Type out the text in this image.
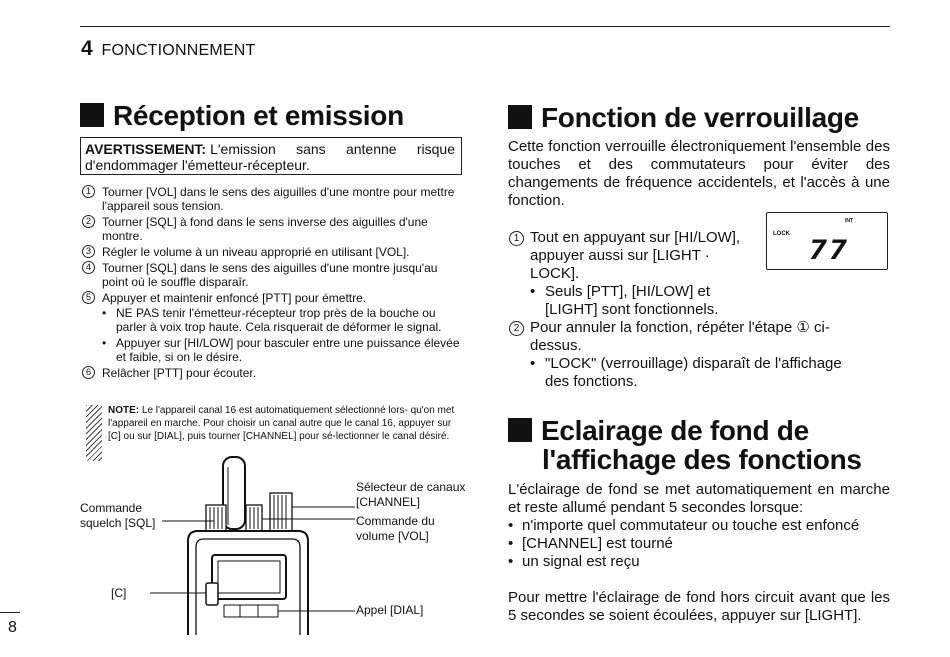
4 FONCTIONNEMENT
Réception et emission
AVERTISSEMENT: L'emission sans antenne risque d'endommager l'émetteur-récepteur.
1 Tourner [VOL] dans le sens des aiguilles d'une montre pour mettre l'appareil sous tension.
2 Tourner [SQL] à fond dans le sens inverse des aiguilles d'une montre.
3 Régler le volume à un niveau approprié en utilisant [VOL].
4 Tourner [SQL] dans le sens des aiguilles d'une montre jusqu'au point où le souffle disparaîr.
5 Appuyer et maintenir enfoncé [PTT] pour émettre.
• NE PAS tenir l'émetteur-récepteur trop près de la bouche ou parler à voix trop haute. Cela risquerait de déformer le signal.
• Appuyer sur [HI/LOW] pour basculer entre une puissance élevée et faible, si on le désire.
6 Relâcher [PTT] pour écouter.
NOTE: Le l'appareil canal 16 est automatiquement sélectionné lors- qu'on met l'appareil en marche. Pour choisir un canal autre que le canal 16, appuyer sur [C] ou sur [DIAL], puis tourner [CHANNEL] pour sé-lectionner le canal désiré.
Sélecteur de canaux
[CHANNEL]
Commande
squelch [SQL]	Commande du
volume [VOL]
[C]
Appel [DIAL]
Fonction de verrouillage
Cette fonction verrouille électroniquement l'ensemble des touches et des commutateurs pour éviter des changements de fréquence accidentels, et l'accès à une fonction.
1 Tout en appuyant sur [HI/LOW], appuyer aussi sur [LIGHT · LOCK].
• Seuls [PTT], [HI/LOW] et [LIGHT] sont fonctionnels.
2 Pour annuler la fonction, répéter l'étape ① ci-dessus.
• "LOCK" (verrouillage) disparaît de l'affichage des fonctions.
LOCK
INT
77
Eclairage de fond de
l'affichage des fonctions
L'éclairage de fond se met automatiquement en marche et reste allumé pendant 5 secondes lorsque:
• n'importe quel commutateur ou touche est enfoncé
• [CHANNEL] est tourné
• un signal est reçu
Pour mettre l'éclairage de fond hors circuit avant que les 5 secondes se soient écoulées, appuyer sur [LIGHT].
8
